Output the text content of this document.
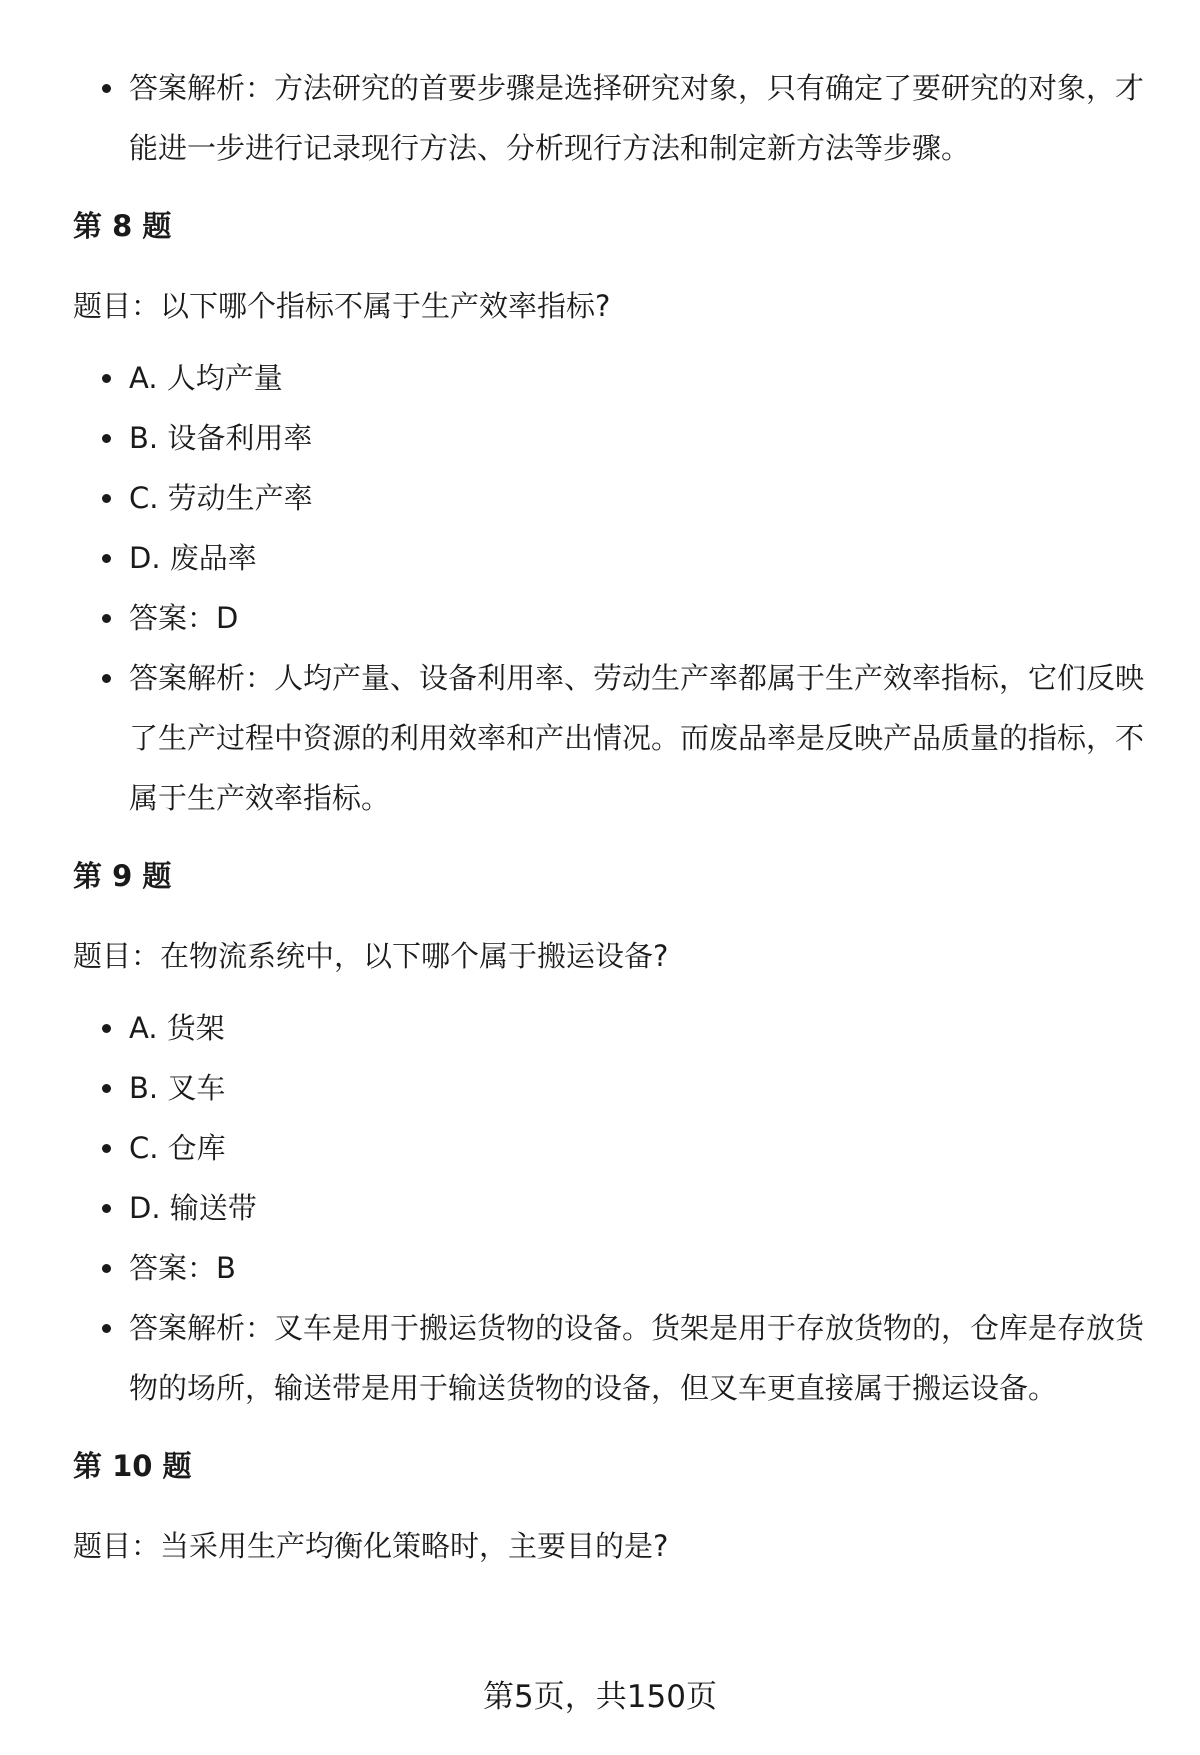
答案解析：方法研究的首要步骤是选择研究对象，只有确定了要研究的对象，才能进一步进行记录现行方法、分析现行方法和制定新方法等步骤。
第 8 题
题目：以下哪个指标不属于生产效率指标?
A. 人均产量
B. 设备利用率
C. 劳动生产率
D. 废品率
答案：D
答案解析：人均产量、设备利用率、劳动生产率都属于生产效率指标，它们反映了生产过程中资源的利用效率和产出情况。而废品率是反映产品质量的指标，不属于生产效率指标。
第 9 题
题目：在物流系统中，以下哪个属于搬运设备?
A. 货架
B. 叉车
C. 仓库
D. 输送带
答案：B
答案解析：叉车是用于搬运货物的设备。货架是用于存放货物的，仓库是存放货物的场所，输送带是用于输送货物的设备，但叉车更直接属于搬运设备。
第 10 题
题目：当采用生产均衡化策略时，主要目的是?
第5页，共150页
